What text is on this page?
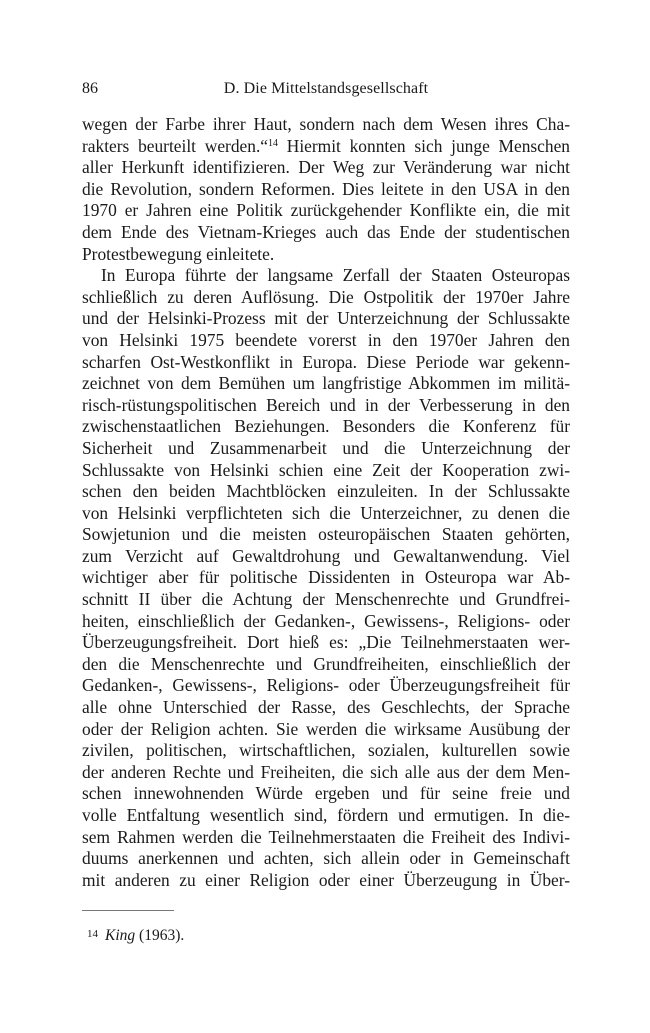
86	D. Die Mittelstandsgesellschaft
wegen der Farbe ihrer Haut, sondern nach dem Wesen ihres Cha-
rakters beurteilt werden.“$^{14}$ Hiermit konnten sich junge Menschen
aller Herkunft identifizieren. Der Weg zur Veränderung war nicht
die Revolution, sondern Reformen. Dies leitete in den USA in den
1970 er Jahren eine Politik zurückgehender Konflikte ein, die mit
dem Ende des Vietnam-Krieges auch das Ende der studentischen
Protestbewegung einleitete.
In Europa führte der langsame Zerfall der Staaten Osteuropas
schließlich zu deren Auflösung. Die Ostpolitik der 1970er Jahre
und der Helsinki-Prozess mit der Unterzeichnung der Schlussakte
von Helsinki 1975 beendete vorerst in den 1970er Jahren den
scharfen Ost-Westkonflikt in Europa. Diese Periode war gekenn-
zeichnet von dem Bemühen um langfristige Abkommen im militä-
risch-rüstungspolitischen Bereich und in der Verbesserung in den
zwischenstaatlichen Beziehungen. Besonders die Konferenz für
Sicherheit und Zusammenarbeit und die Unterzeichnung der
Schlussakte von Helsinki schien eine Zeit der Kooperation zwi-
schen den beiden Machtblöcken einzuleiten. In der Schlussakte
von Helsinki verpflichteten sich die Unterzeichner, zu denen die
Sowjetunion und die meisten osteuropäischen Staaten gehörten,
zum Verzicht auf Gewaltdrohung und Gewaltanwendung. Viel
wichtiger aber für politische Dissidenten in Osteuropa war Ab-
schnitt II über die Achtung der Menschenrechte und Grundfrei-
heiten, einschließlich der Gedanken-, Gewissens-, Religions- oder
Überzeugungsfreiheit. Dort hieß es: „Die Teilnehmerstaaten wer-
den die Menschenrechte und Grundfreiheiten, einschließlich der
Gedanken-, Gewissens-, Religions- oder Überzeugungsfreiheit für
alle ohne Unterschied der Rasse, des Geschlechts, der Sprache
oder der Religion achten. Sie werden die wirksame Ausübung der
zivilen, politischen, wirtschaftlichen, sozialen, kulturellen sowie
der anderen Rechte und Freiheiten, die sich alle aus der dem Men-
schen innewohnenden Würde ergeben und für seine freie und
volle Entfaltung wesentlich sind, fördern und ermutigen. In die-
sem Rahmen werden die Teilnehmerstaaten die Freiheit des Indivi-
duums anerkennen und achten, sich allein oder in Gemeinschaft
mit anderen zu einer Religion oder einer Überzeugung in Über-
14 King (1963).
